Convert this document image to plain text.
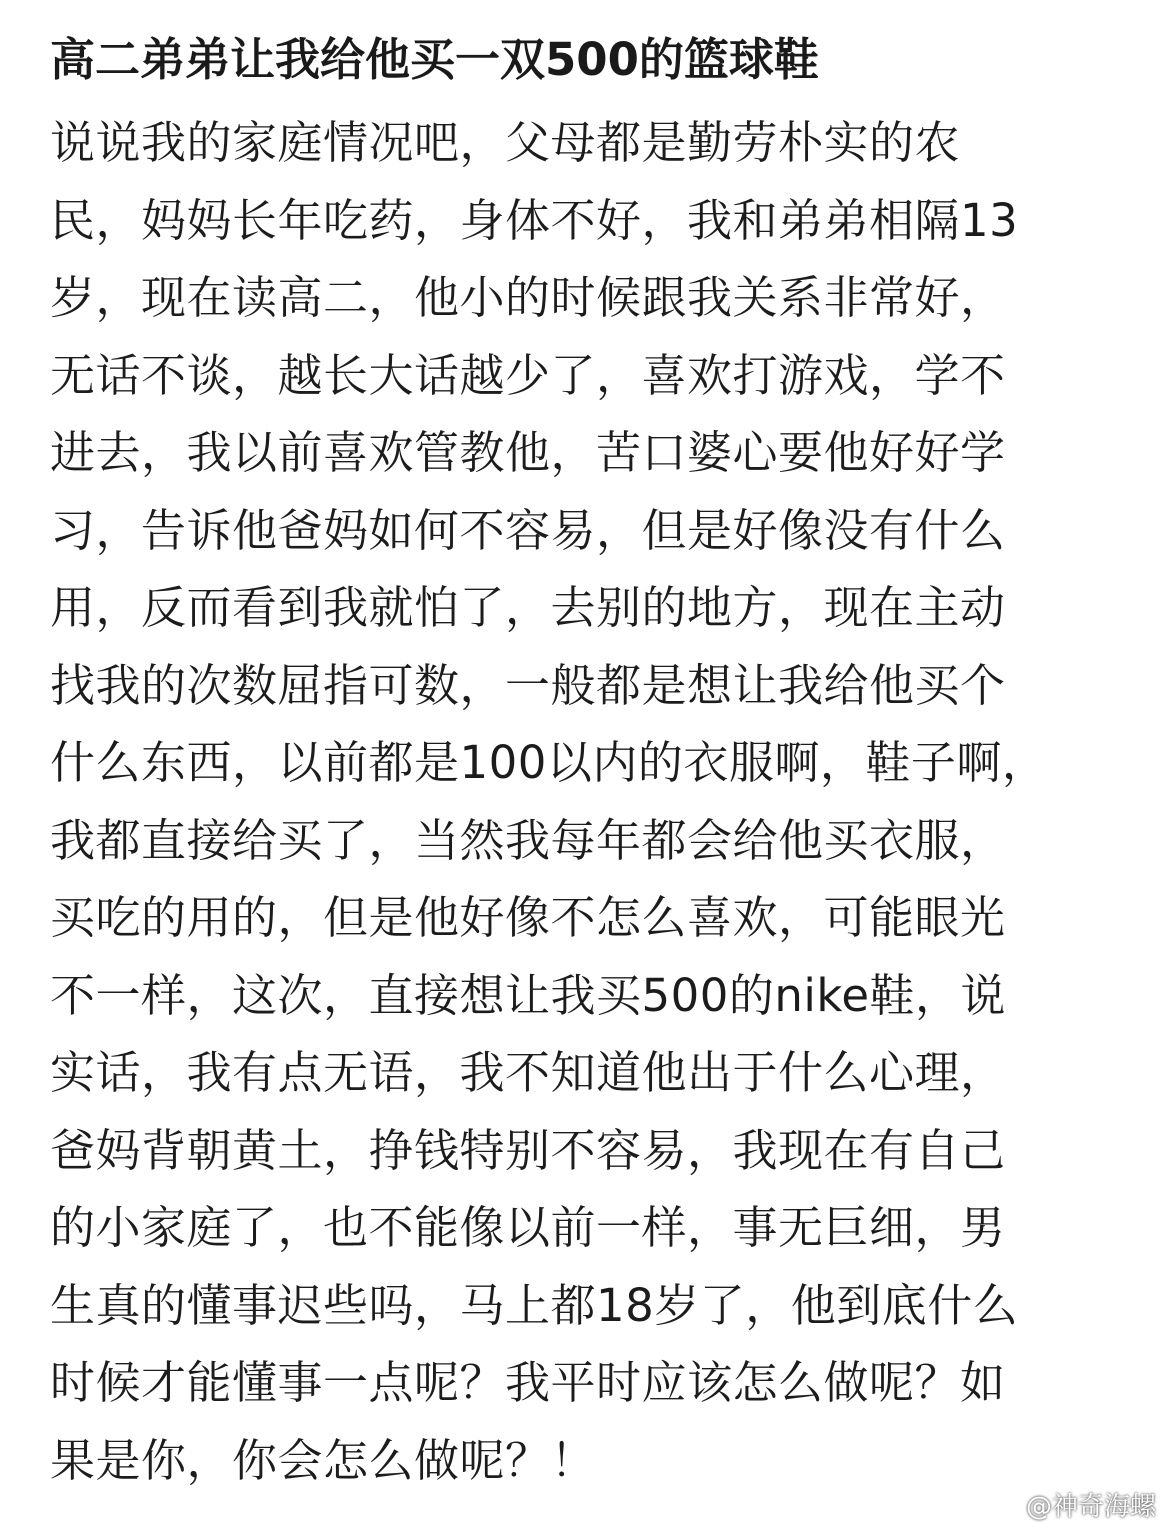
高二弟弟让我给他买一双500的篮球鞋
说说我的家庭情况吧，父母都是勤劳朴实的农
民，妈妈长年吃药，身体不好，我和弟弟相隔13
岁，现在读高二，他小的时候跟我关系非常好，
无话不谈，越长大话越少了，喜欢打游戏，学不
进去，我以前喜欢管教他，苦口婆心要他好好学
习，告诉他爸妈如何不容易，但是好像没有什么
用，反而看到我就怕了，去别的地方，现在主动
找我的次数屈指可数，一般都是想让我给他买个
什么东西，以前都是100以内的衣服啊，鞋子啊，
我都直接给买了，当然我每年都会给他买衣服，
买吃的用的，但是他好像不怎么喜欢，可能眼光
不一样，这次，直接想让我买500的nike鞋，说
实话，我有点无语，我不知道他出于什么心理，
爸妈背朝黄土，挣钱特别不容易，我现在有自己
的小家庭了，也不能像以前一样，事无巨细，男
生真的懂事迟些吗，马上都18岁了，他到底什么
时候才能懂事一点呢？我平时应该怎么做呢？如
果是你，你会怎么做呢？！
@神奇海螺
